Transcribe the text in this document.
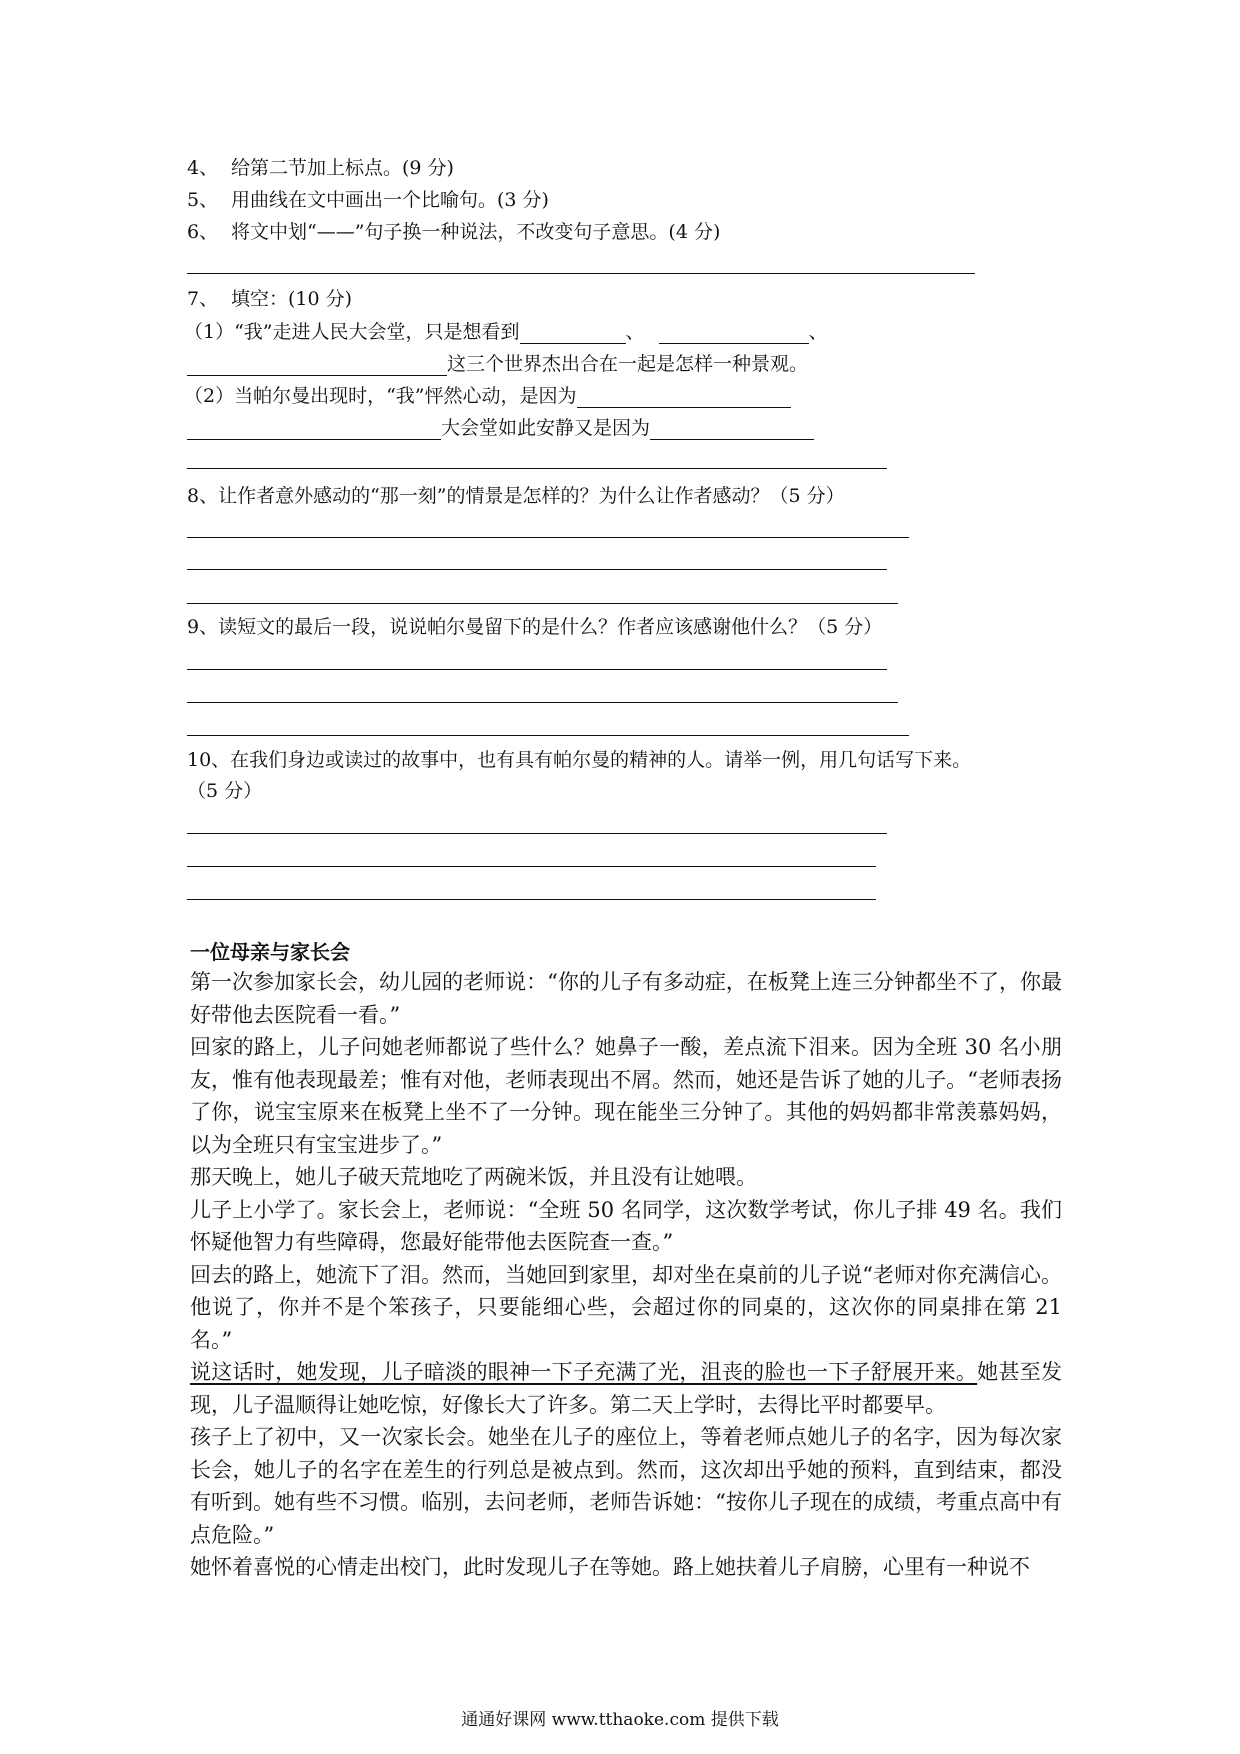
4、 给第二节加上标点。(9 分)
5、 用曲线在文中画出一个比喻句。(3 分)
6、 将文中划“——”句子换一种说法，不改变句子意思。(4 分)
7、 填空：(10 分)
（1）“我”走进人民大会堂，只是想看到	、	、
这三个世界杰出合在一起是怎样一种景观。
（2）当帕尔曼出现时，“我”怦然心动，是因为
大会堂如此安静又是因为
8、让作者意外感动的“那一刻”的情景是怎样的？为什么让作者感动？（5 分）
9、读短文的最后一段，说说帕尔曼留下的是什么？作者应该感谢他什么？（5 分）
10、在我们身边或读过的故事中，也有具有帕尔曼的精神的人。请举一例，用几句话写下来。
（5 分）
一位母亲与家长会

第一次参加家长会，幼儿园的老师说：“你的儿子有多动症，在板凳上连三分钟都坐不了，你最好带他去医院看一看。”

回家的路上，儿子问她老师都说了些什么？她鼻子一酸，差点流下泪来。因为全班 30 名小朋友，惟有他表现最差；惟有对他，老师表现出不屑。然而，她还是告诉了她的儿子。“老师表扬了你，说宝宝原来在板凳上坐不了一分钟。现在能坐三分钟了。其他的妈妈都非常羡慕妈妈，以为全班只有宝宝进步了。”

那天晚上，她儿子破天荒地吃了两碗米饭，并且没有让她喂。

儿子上小学了。家长会上，老师说：“全班 50 名同学，这次数学考试，你儿子排 49 名。我们怀疑他智力有些障碍，您最好能带他去医院查一查。”

回去的路上，她流下了泪。然而，当她回到家里，却对坐在桌前的儿子说“老师对你充满信心。他说了，你并不是个笨孩子，只要能细心些，会超过你的同桌的，这次你的同桌排在第 21 名。”

说这话时，她发现，儿子暗淡的眼神一下子充满了光，沮丧的脸也一下子舒展开来。她甚至发现，儿子温顺得让她吃惊，好像长大了许多。第二天上学时，去得比平时都要早。

孩子上了初中，又一次家长会。她坐在儿子的座位上，等着老师点她儿子的名字，因为每次家长会，她儿子的名字在差生的行列总是被点到。然而，这次却出乎她的预料，直到结束，都没有听到。她有些不习惯。临别，去问老师，老师告诉她：“按你儿子现在的成绩，考重点高中有点危险。”

她怀着喜悦的心情走出校门，此时发现儿子在等她。路上她扶着儿子肩膀，心里有一种说不

通通好课网 www.tthaoke.com 提供下载
